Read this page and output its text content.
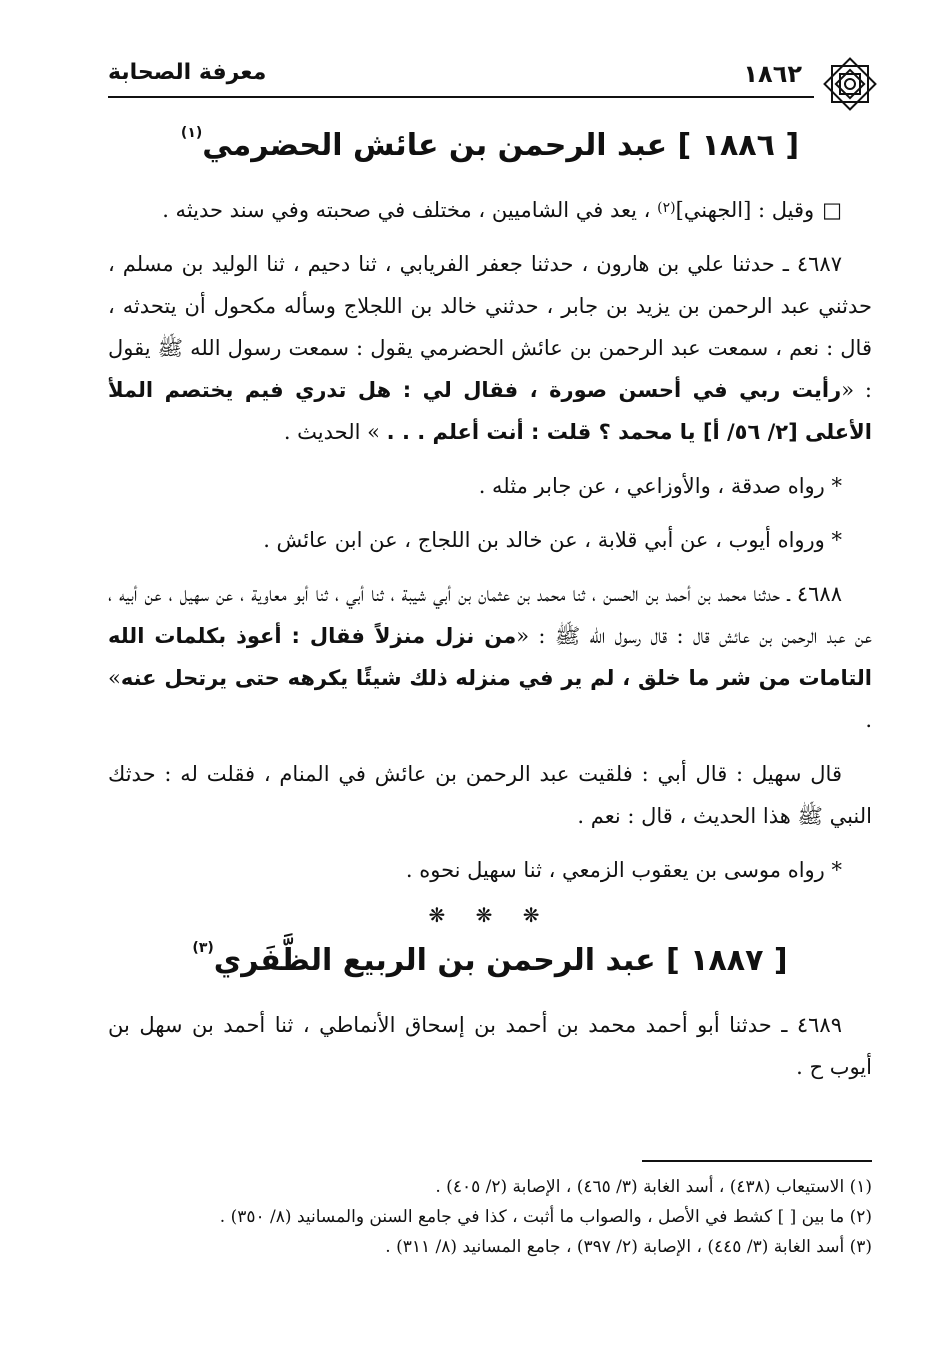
١٨٦٢
معرفة الصحابة
[ ١٨٨٦ ] عبد الرحمن بن عائش الحضرمي$^{(١)}$

□وقيل : [الجهني]$^{(٢)}$ ، يعد في الشاميين ، مختلف في صحبته وفي سند حديثه .

٤٦٨٧ ـ حدثنا علي بن هارون ، حدثنا جعفر الفريابي ، ثنا دحيم ، ثنا الوليد بن مسلم ، حدثني عبد الرحمن بن يزيد بن جابر ، حدثني خالد بن اللجلاج وسأله مكحول أن يتحدثه ، قال : نعم ، سمعت عبد الرحمن بن عائش الحضرمي يقول : سمعت رسول الله ﷺ يقول : «رأيت ربي في أحسن صورة ، فقال لي : هل تدري فيم يختصم الملأ الأعلى [٢/ ٥٦/ أ] يا محمد ؟ قلت : أنت أعلم . . . » الحديث .

* رواه صدقة ، والأوزاعي ، عن جابر مثله .

* ورواه أيوب ، عن أبي قلابة ، عن خالد بن اللجاج ، عن ابن عائش .

٤٦٨٨ ـ حدثنا محمد بن أحمد بن الحسن ، ثنا محمد بن عثمان بن أبي شيبة ، ثنا أبي ، ثنا أبو معاوية ، عن سهيل ، عن أبيه ، عن عبد الرحمن بن عائش قال : قال رسول الله ﷺ : «من نزل منزلاً فقال : أعوذ بكلمات الله التامات من شر ما خلق ، لم ير في منزله ذلك شيئًا يكرهه حتى يرتحل عنه» .

قال سهيل : قال أبي : فلقيت عبد الرحمن بن عائش في المنام ، فقلت له : حدثك النبي ﷺ هذا الحديث ، قال : نعم .

* رواه موسى بن يعقوب الزمعي ، ثنا سهيل نحوه .

❋ ❋ ❋
[ ١٨٨٧ ] عبد الرحمن بن الربيع الظَّفَري$^{(٣)}$

٤٦٨٩ ـ حدثنا أبو أحمد محمد بن أحمد بن إسحاق الأنماطي ، ثنا أحمد بن سهل بن أيوب ح .

(١) الاستيعاب (٤٣٨) ، أسد الغابة (٣/ ٤٦٥) ، الإصابة (٢/ ٤٠٥) .
(٢) ما بين [ ] كشط في الأصل ، والصواب ما أثبت ، كذا في جامع السنن والمسانيد (٨/ ٣٥٠) .
(٣) أسد الغابة (٣/ ٤٤٥) ، الإصابة (٢/ ٣٩٧) ، جامع المسانيد (٨/ ٣١١) .
